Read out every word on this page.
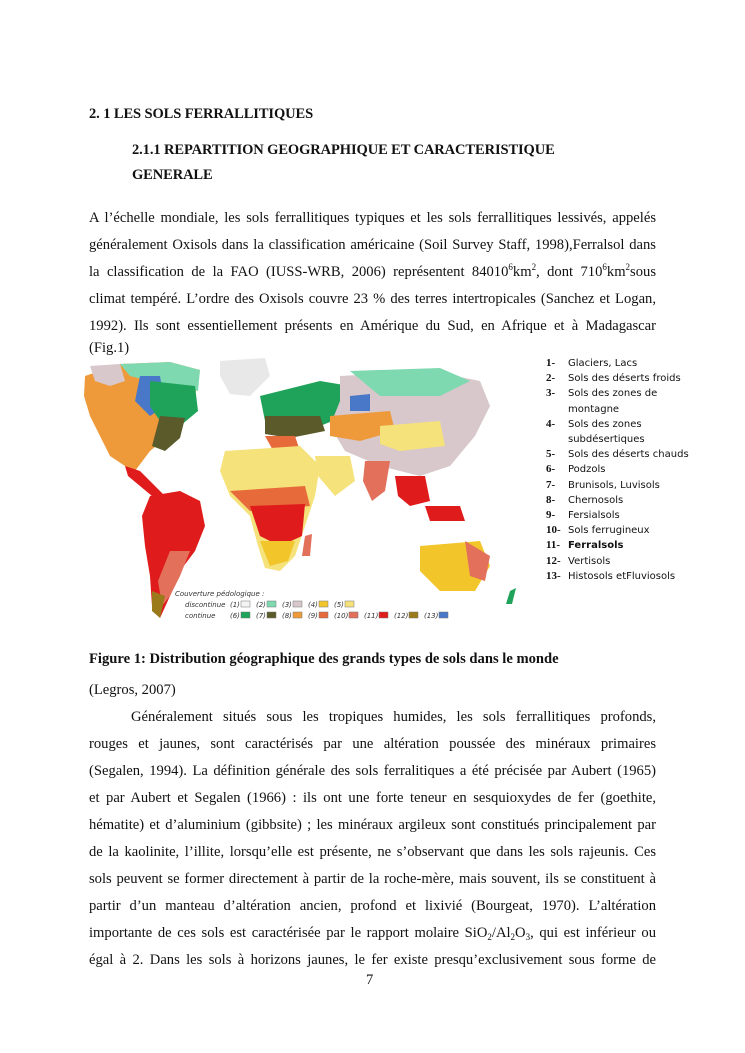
2. 1 LES SOLS FERRALLITIQUES
2.1.1 REPARTITION GEOGRAPHIQUE ET CARACTERISTIQUE
GENERALE
A l’échelle mondiale, les sols ferrallitiques typiques et les sols ferrallitiques lessivés, appelés
généralement Oxisols dans la classification américaine (Soil Survey Staff, 1998),Ferralsol dans
la classification de la FAO (IUSS-WRB, 2006) représentent $84010^6km^2$, dont $710^6km^2sous$
climat tempéré. L’ordre des Oxisols couvre 23 % des terres intertropicales (Sanchez et Logan,
1992). Ils sont essentiellement présents en Amérique du Sud, en Afrique et à Madagascar
(Fig.1)
Couverture pédologique :
discontinue
continue
(1) (2) (3) (4) (5)
(6) (7) (8) (9) (10) (11) (12) (13)
1-	Glaciers, Lacs
2-	Sols des déserts froids
3-	Sols des zones de montagne
4-	Sols des zones subdésertiques
5-	Sols des déserts chauds
6-	Podzols
7-	Brunisols, Luvisols
8-	Chernosols
9-	Fersialsols
10- Sols ferrugineux
11- Ferralsols
12- Vertisols
13- Histosols etFluviosols
Figure 1: Distribution géographique des grands types de sols dans le monde
(Legros, 2007)
Généralement situés sous les tropiques humides, les sols ferrallitiques profonds,
rouges et jaunes, sont caractérisés par une altération poussée des minéraux primaires
(Segalen, 1994). La définition générale des sols ferralitiques a été précisée par Aubert (1965)
et par Aubert et Segalen (1966) : ils ont une forte teneur en sesquioxydes de fer (goethite,
hématite) et d’aluminium (gibbsite) ; les minéraux argileux sont constitués principalement par
de la kaolinite, l’illite, lorsqu’elle est présente, ne s’observant que dans les sols rajeunis. Ces
sols peuvent se former directement à partir de la roche-mère, mais souvent, ils se constituent à
partir d’un manteau d’altération ancien, profond et lixivié (Bourgeat, 1970). L’altération
importante de ces sols est caractérisée par le rapport molaire $SiO_2/Al_2O_3$, qui est inférieur ou
égal à 2. Dans les sols à horizons jaunes, le fer existe presqu’exclusivement sous forme de
7
